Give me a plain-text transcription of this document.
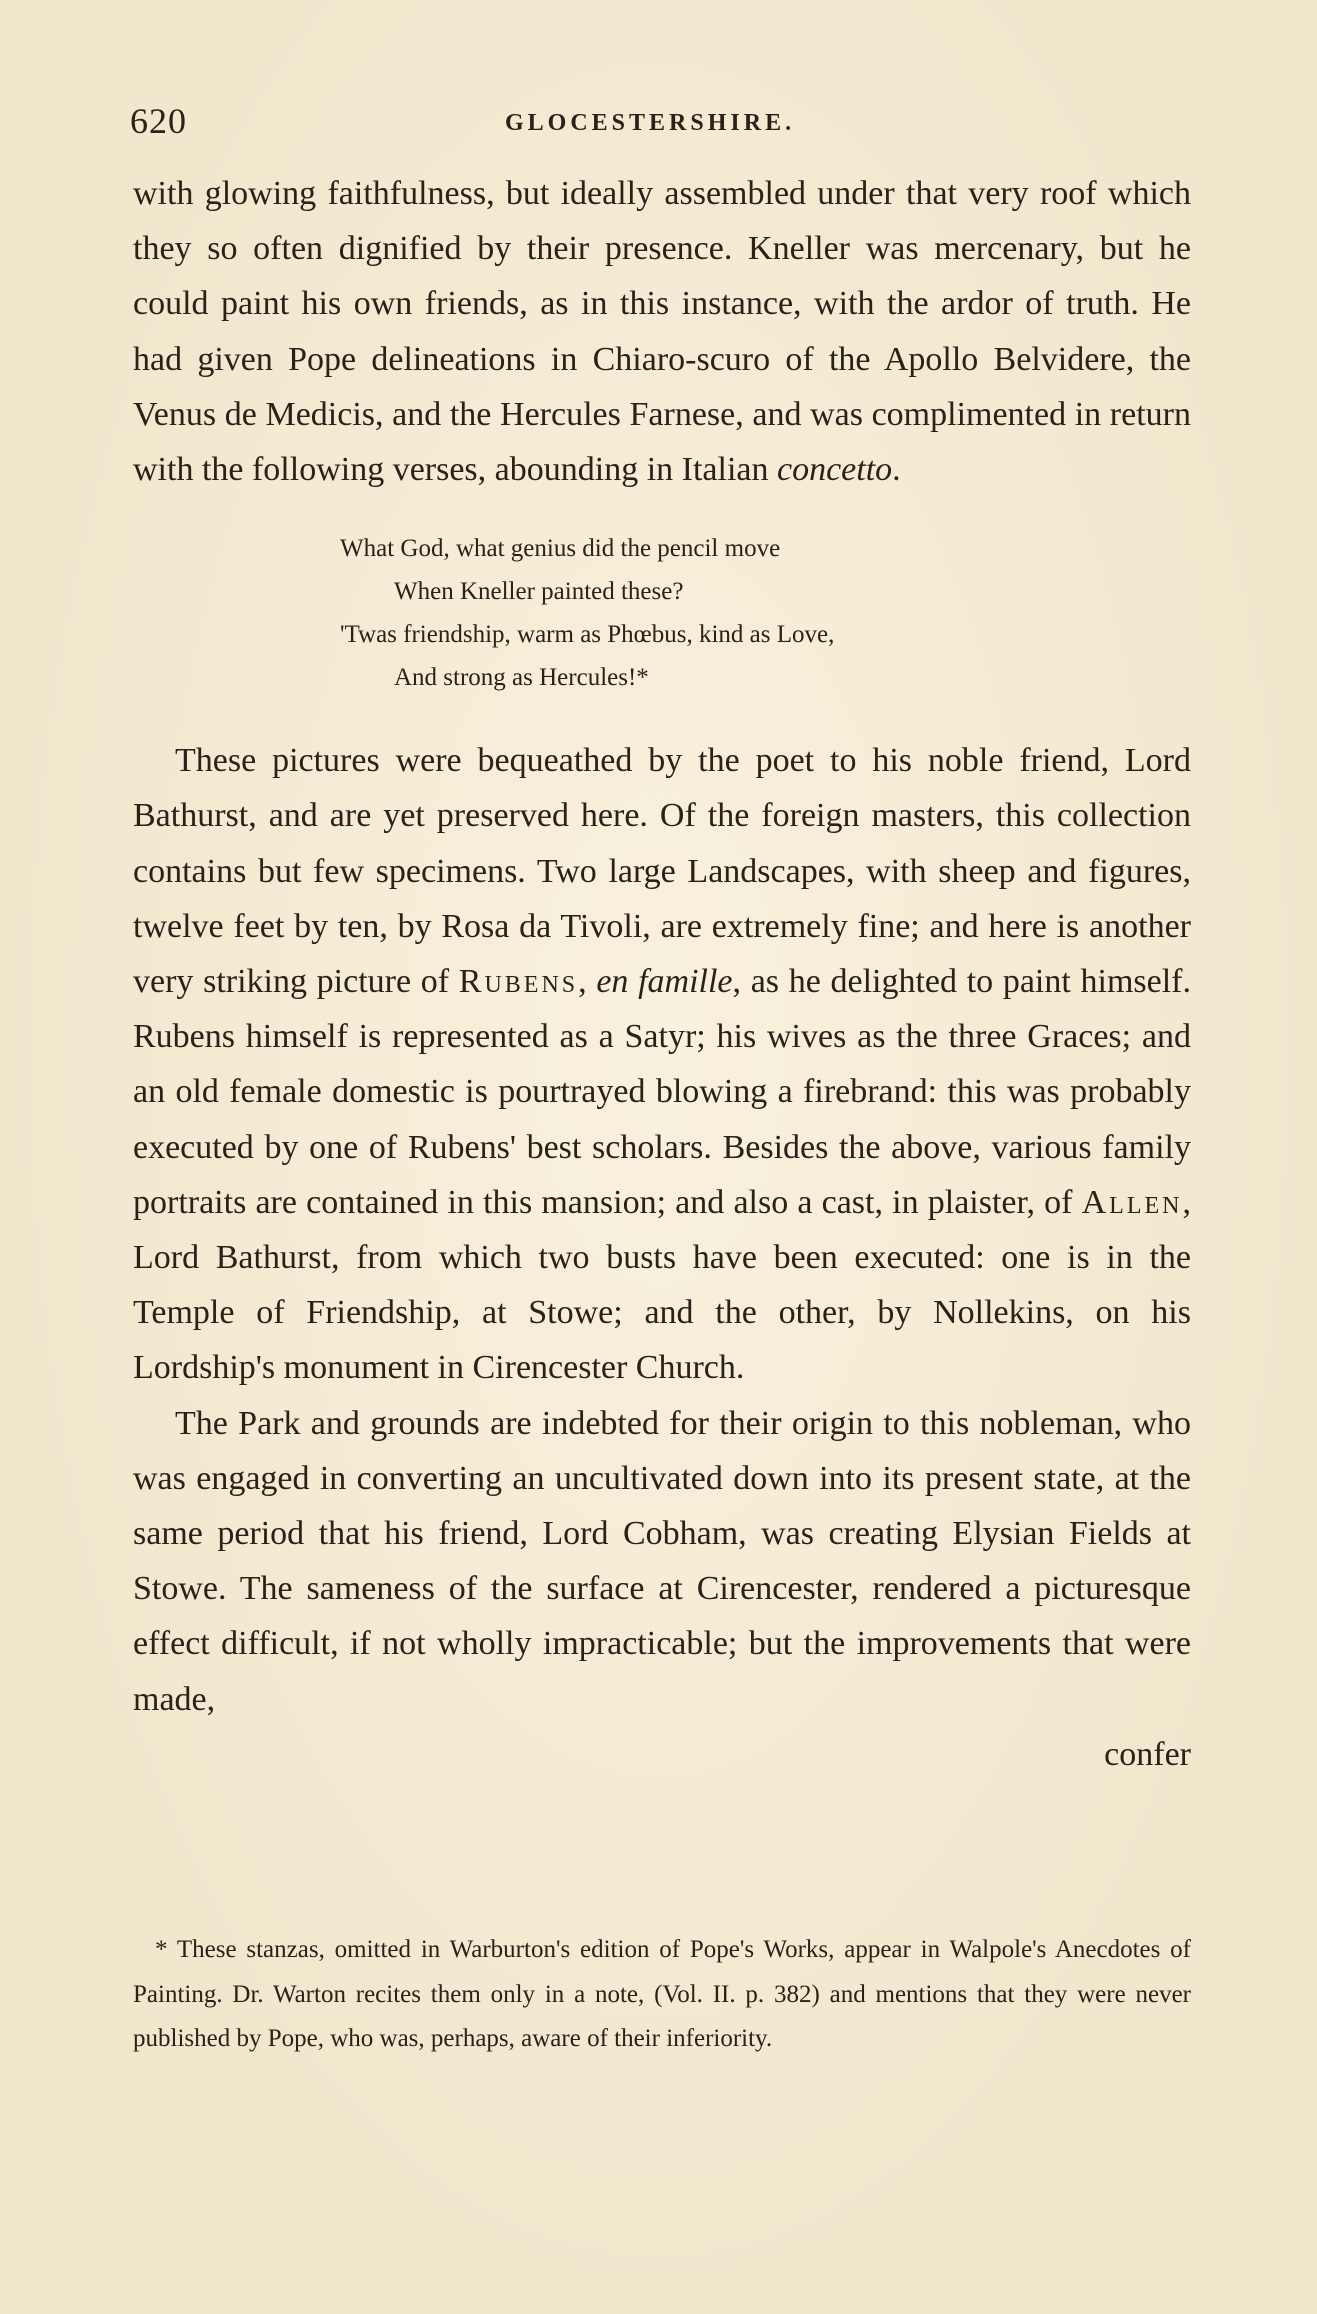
620	GLOCESTERSHIRE.

with glowing faithfulness, but ideally assembled under that very roof which they so often dignified by their presence. Kneller was mercenary, but he could paint his own friends, as in this instance, with the ardor of truth. He had given Pope delineations in Chiaro-scuro of the Apollo Belvidere, the Venus de Medicis, and the Hercules Farnese, and was complimented in return with the following verses, abounding in Italian concetto.

What God, what genius did the pencil move
When Kneller painted these?
'Twas friendship, warm as Phœbus, kind as Love,
And strong as Hercules!*

These pictures were bequeathed by the poet to his noble friend, Lord Bathurst, and are yet preserved here. Of the foreign masters, this collection contains but few specimens. Two large Landscapes, with sheep and figures, twelve feet by ten, by Rosa da Tivoli, are extremely fine; and here is another very striking picture of Rubens, en famille, as he delighted to paint himself. Rubens himself is represented as a Satyr; his wives as the three Graces; and an old female domestic is pourtrayed blowing a firebrand: this was probably executed by one of Rubens' best scholars. Besides the above, various family portraits are contained in this mansion; and also a cast, in plaister, of Allen, Lord Bathurst, from which two busts have been executed: one is in the Temple of Friendship, at Stowe; and the other, by Nollekins, on his Lordship's monument in Cirencester Church.

The Park and grounds are indebted for their origin to this nobleman, who was engaged in converting an uncultivated down into its present state, at the same period that his friend, Lord Cobham, was creating Elysian Fields at Stowe. The sameness of the surface at Cirencester, rendered a picturesque effect difficult, if not wholly impracticable; but the improvements that were made,

confer

* These stanzas, omitted in Warburton's edition of Pope's Works, appear in Walpole's Anecdotes of Painting. Dr. Warton recites them only in a note, (Vol. II. p. 382) and mentions that they were never published by Pope, who was, perhaps, aware of their inferiority.
